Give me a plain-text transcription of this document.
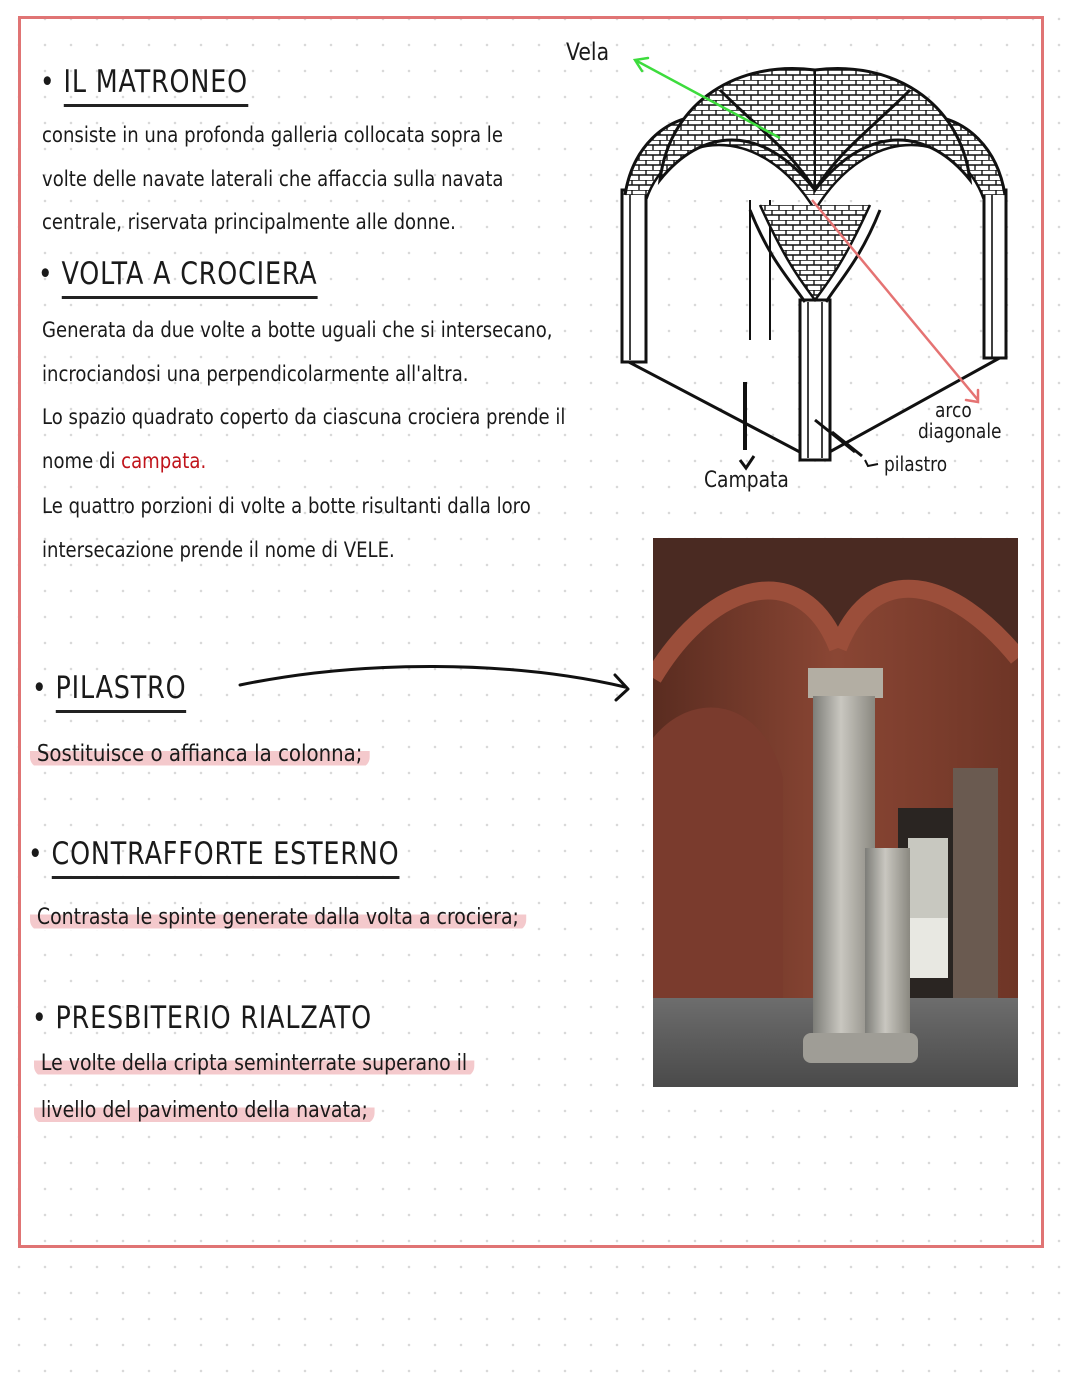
• IL MATRONEO
consiste in una profonda galleria collocata sopra le
volte delle navate laterali che affaccia sulla navata
centrale, riservata principalmente alle donne.
• VOLTA A CROCIERA
Generata da due volte a botte uguali che si intersecano,
incrociandosi una perpendicolarmente all'altra.
Lo spazio quadrato coperto da ciascuna crociera prende il
nome di campata.
Le quattro porzioni di volte a botte risultanti dalla loro
intersecazione prende il nome di VELE.
• PILASTRO
Sostituisce o affianca la colonna;
• CONTRAFFORTE ESTERNO
Contrasta le spinte generate dalla volta a crociera;
• PRESBITERIO RIALZATO
Le volte della cripta seminterrate superano il
livello del pavimento della navata;
Vela
Campata
arco
diagonale
pilastro
